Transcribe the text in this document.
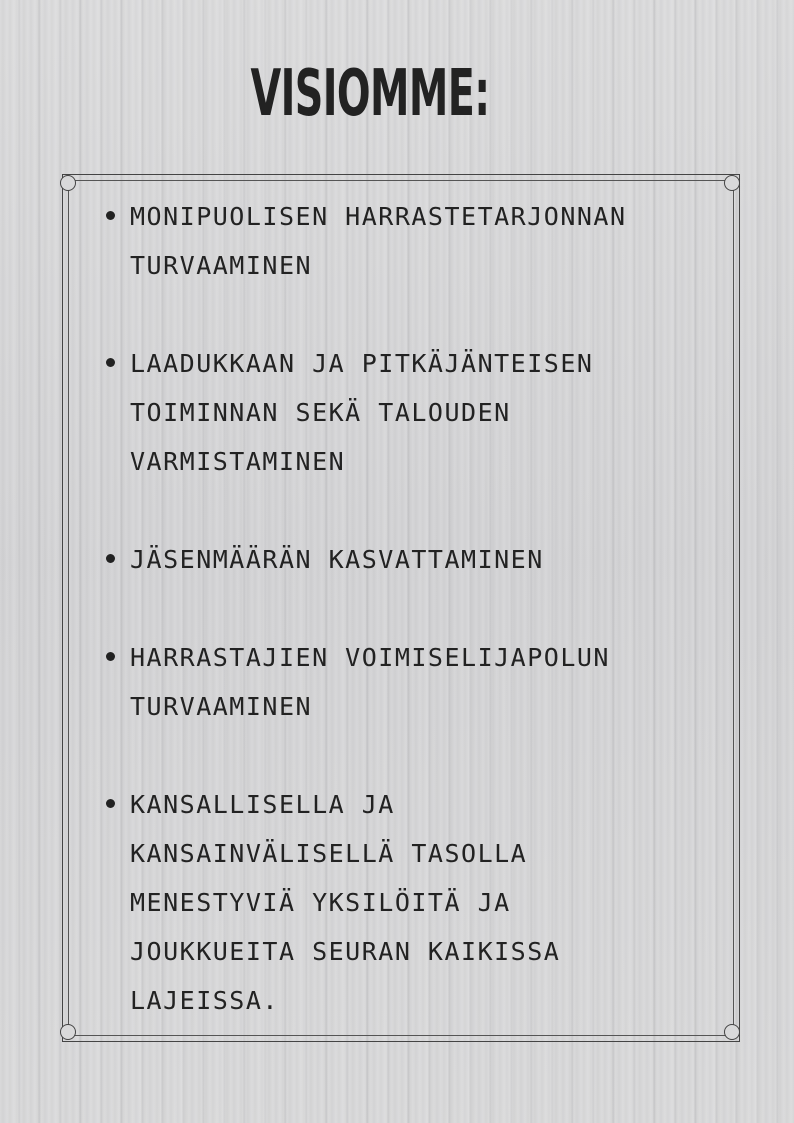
VISIOMME:
MONIPUOLISEN HARRASTETARJONNAN
TURVAAMINEN
LAADUKKAAN JA PITKÄJÄNTEISEN
TOIMINNAN SEKÄ TALOUDEN
VARMISTAMINEN
JÄSENMÄÄRÄN KASVATTAMINEN
HARRASTAJIEN VOIMISELIJAPOLUN
TURVAAMINEN
KANSALLISELLA JA
KANSAINVÄLISELLÄ TASOLLA
MENESTYVIÄ YKSILÖITÄ JA
JOUKKUEITA SEURAN KAIKISSA
LAJEISSA.
